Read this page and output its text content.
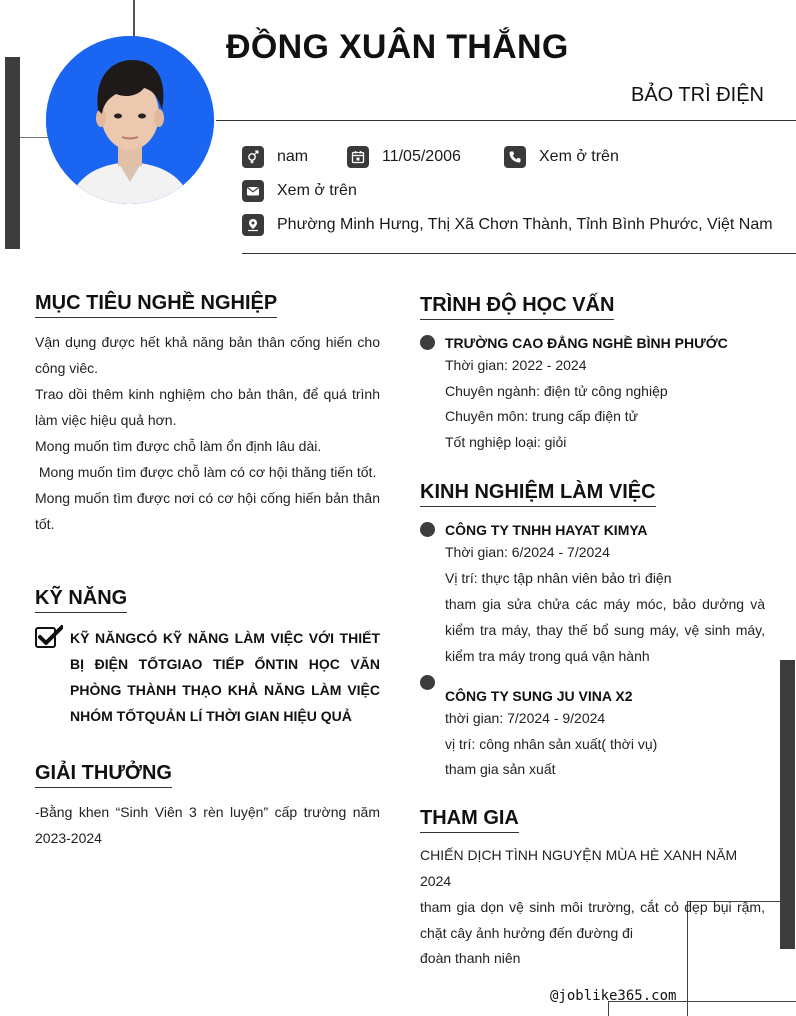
ĐỒNG XUÂN THẮNG
BẢO TRÌ ĐIỆN
nam	11/05/2006	Xem ở trên
Xem ở trên
Phường Minh Hưng, Thị Xã Chơn Thành, Tỉnh Bình Phước, Việt Nam
MỤC TIÊU NGHỀ NGHIỆP

Vận dụng được hết khả năng bản thân cống hiến cho công viêc.

Trao dồi thêm kinh nghiệm cho bản thân, để quá trình làm việc hiệu quả hơn.

Mong muốn tìm được chỗ làm ổn định lâu dài.

Mong muốn tìm được chỗ làm có cơ hội thăng tiến tốt.

Mong muốn tìm được nơi có cơ hội cống hiến bản thân tốt.

KỸ NĂNG
KỸ NĂNGCÓ KỸ NĂNG LÀM VIỆC VỚI THIẾT BỊ ĐIỆN TỐTGIAO TIẾP ỔNTIN HỌC VĂN PHÒNG THÀNH THẠO KHẢ NĂNG LÀM VIỆC NHÓM TỐTQUẢN LÍ THỜI GIAN HIỆU QUẢ
GIẢI THƯỞNG
-Bằng khen “Sinh Viên 3 rèn luyện” cấp trường năm 2023-2024
TRÌNH ĐỘ HỌC VẤN
TRƯỜNG CAO ĐẲNG NGHỀ BÌNH PHƯỚC
Thời gian: 2022 - 2024
Chuyên ngành: điện tử công nghiệp
Chuyên môn: trung cấp điện tử
Tốt nghiệp loại: giỏi
KINH NGHIỆM LÀM VIỆC
CÔNG TY TNHH HAYAT KIMYA
Thời gian: 6/2024 - 7/2024
Vị trí: thực tập nhân viên bảo trì điện
tham gia sửa chửa các máy móc, bảo dưởng và kiểm tra máy, thay thế bổ sung máy, vệ sinh máy, kiểm tra máy trong quá vận hành
CÔNG TY SUNG JU VINA X2
thời gian: 7/2024 - 9/2024
vị trí: công nhân sản xuất( thời vụ)
tham gia sản xuất
THAM GIA
CHIẾN DỊCH TÌNH NGUYỆN MÙA HÈ XANH NĂM 2024
tham gia dọn vệ sinh môi trường, cắt cỏ dẹp bụi rậm, chặt cây ảnh hưởng đến đường đi
đoàn thanh niên
@joblike365.com
